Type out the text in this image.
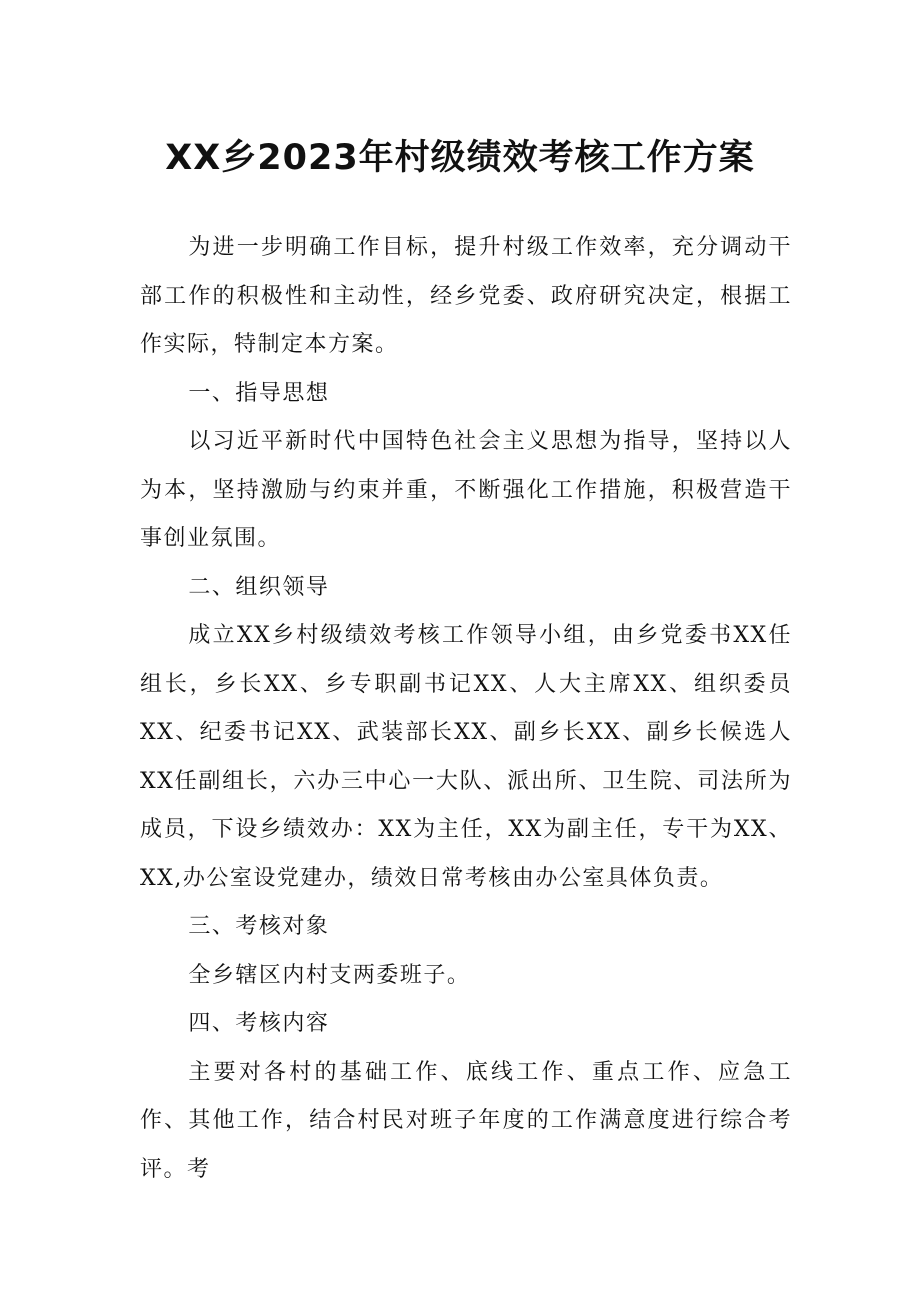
XX乡2023年村级绩效考核工作方案

为进一步明确工作目标，提升村级工作效率，充分调动干部工作的积极性和主动性，经乡党委、政府研究决定，根据工作实际，特制定本方案。

一、指导思想

以习近平新时代中国特色社会主义思想为指导，坚持以人为本，坚持激励与约束并重，不断强化工作措施，积极营造干事创业氛围。

二、组织领导

成立XX乡村级绩效考核工作领导小组，由乡党委书XX任组长，乡长XX、乡专职副书记XX、人大主席XX、组织委员XX、纪委书记XX、武装部长XX、副乡长XX、副乡长候选人XX任副组长，六办三中心一大队、派出所、卫生院、司法所为成员，下设乡绩效办：XX为主任，XX为副主任，专干为XX、XX,办公室设党建办，绩效日常考核由办公室具体负责。

三、考核对象

全乡辖区内村支两委班子。

四、考核内容

主要对各村的基础工作、底线工作、重点工作、应急工作、其他工作，结合村民对班子年度的工作满意度进行综合考评。考
